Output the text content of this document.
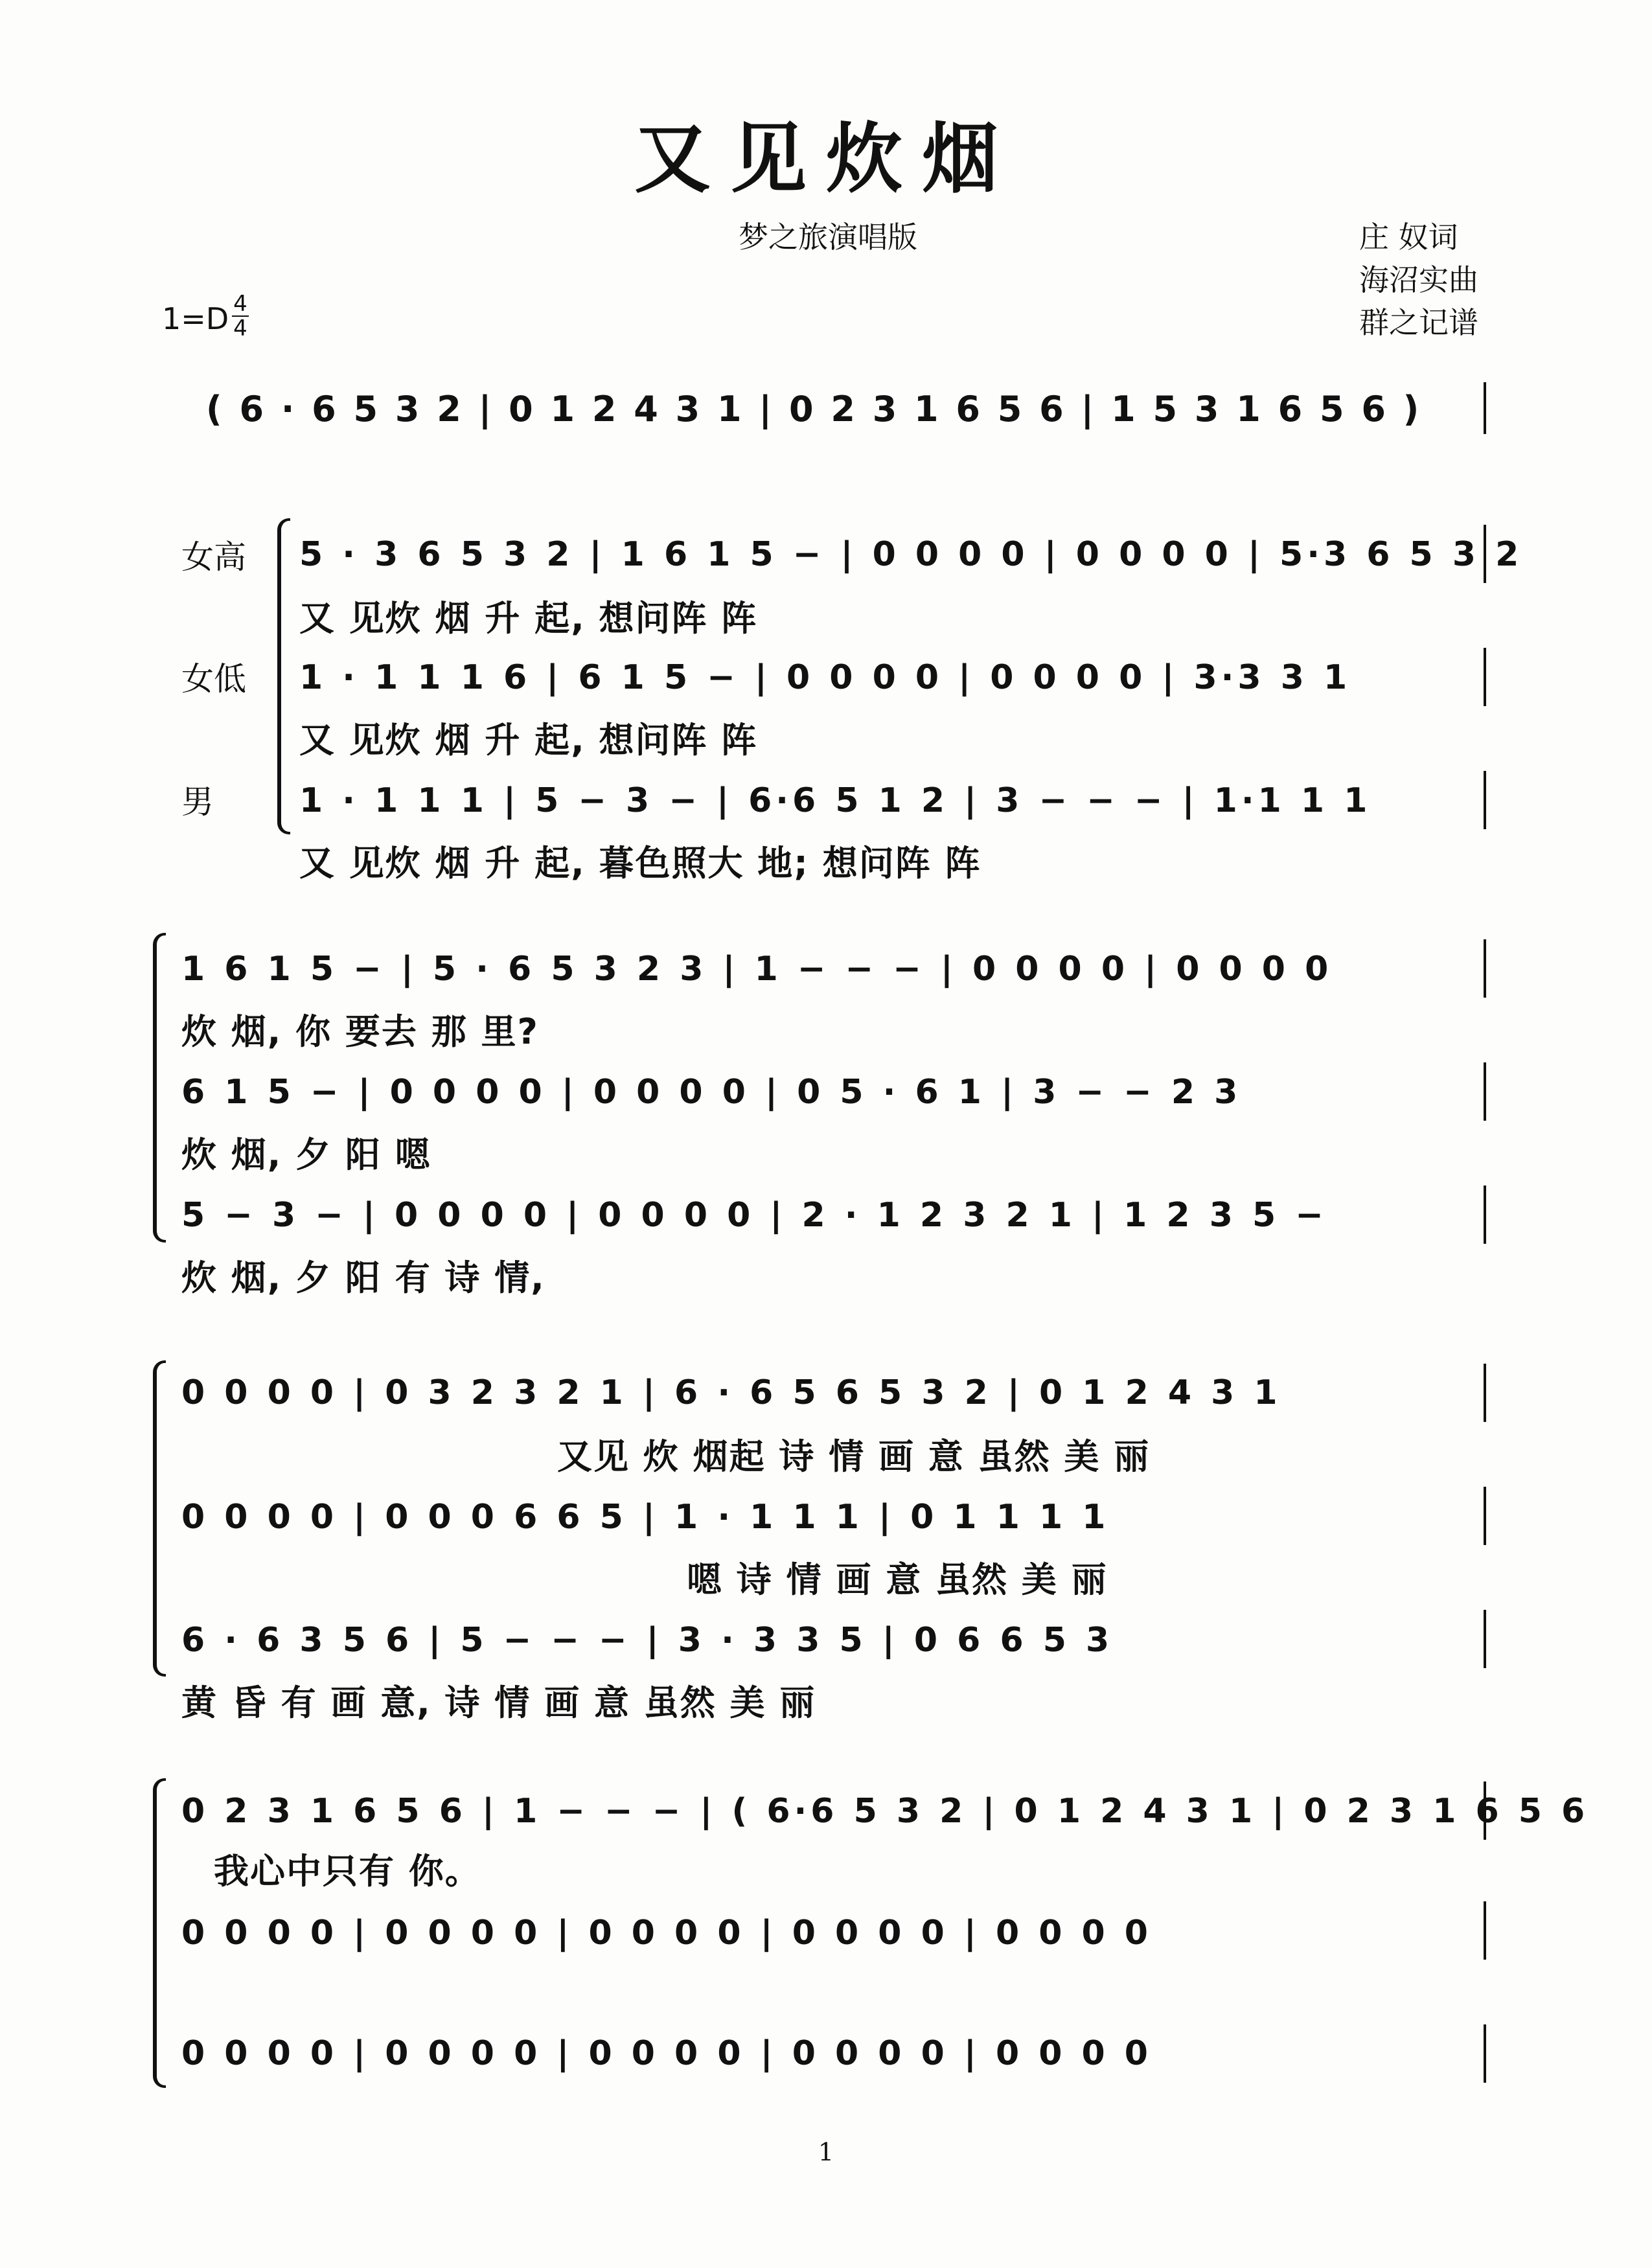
又见炊烟
梦之旅演唱版	庄 奴词
海沼实曲
群之记谱
1=D 4
4
( 6 · 6 5 3 2 | 0 1 2 4 3 1 | 0 2 3 1 6 5 6 | 1 5 3 1 6 5 6 )
女高
女低
男
5 · 3 6 5 3 2 | 1 6 1 5 − | 0 0 0 0 | 0 0 0 0 | 5·3 6 5 3 2
又 见炊 烟 升 起, 想问阵 阵
1 · 1 1 1 6 | 6 1 5 − | 0 0 0 0 | 0 0 0 0 | 3·3 3 1
又 见炊 烟 升 起, 想问阵 阵
1 · 1 1 1 | 5 − 3 − | 6·6 5 1 2 | 3 − − − | 1·1 1 1
又 见炊 烟 升 起, 暮色照大 地; 想问阵 阵
1 6 1 5 − | 5 · 6 5 3 2 3 | 1 − − − | 0 0 0 0 | 0 0 0 0
炊 烟, 你 要去 那 里?
6 1 5 − | 0 0 0 0 | 0 0 0 0 | 0 5 · 6 1 | 3 − − 2 3
炊 烟, 夕 阳 嗯
5 − 3 − | 0 0 0 0 | 0 0 0 0 | 2 · 1 2 3 2 1 | 1 2 3 5 −
炊 烟, 夕 阳 有 诗 情,
0 0 0 0 | 0 3 2 3 2 1 | 6 · 6 5 6 5 3 2 | 0 1 2 4 3 1
又见 炊 烟起 诗 情 画 意 虽然 美 丽
0 0 0 0 | 0 0 0 6 6 5 | 1 · 1 1 1 | 0 1 1 1 1
嗯 诗 情 画 意 虽然 美 丽
6 · 6 3 5 6 | 5 − − − | 3 · 3 3 5 | 0 6 6 5 3
黄 昏 有 画 意, 诗 情 画 意 虽然 美 丽
0 2 3 1 6 5 6 | 1 − − − | ( 6·6 5 3 2 | 0 1 2 4 3 1 | 0 2 3 1 6 5 6
我心中只有 你。
0 0 0 0 | 0 0 0 0 | 0 0 0 0 | 0 0 0 0 | 0 0 0 0
0 0 0 0 | 0 0 0 0 | 0 0 0 0 | 0 0 0 0 | 0 0 0 0
1
